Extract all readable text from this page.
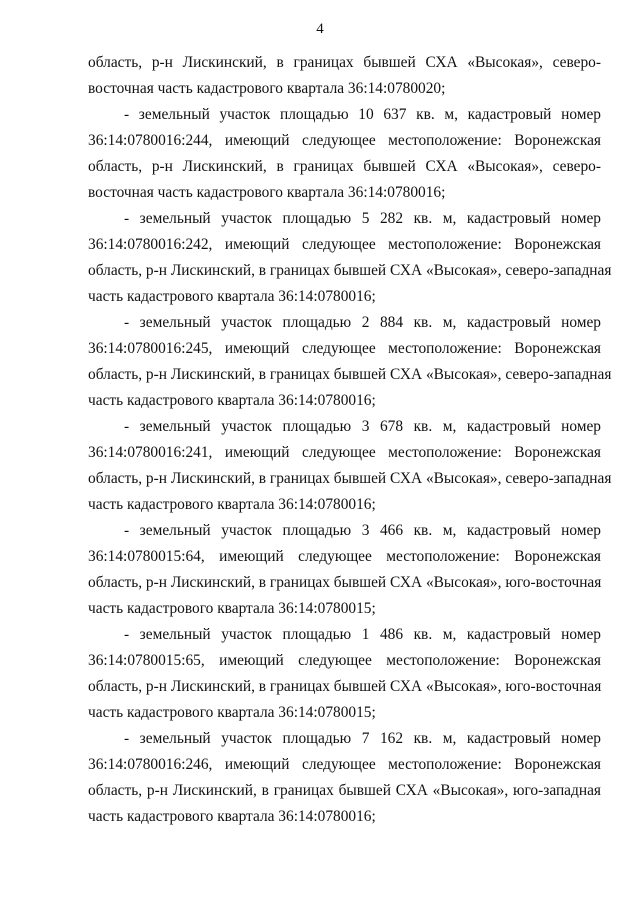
4
область, р-н Лискинский, в границах бывшей СХА «Высокая», северо-
восточная часть кадастрового квартала 36:14:0780020;
- земельный участок площадью 10 637 кв. м, кадастровый номер
36:14:0780016:244, имеющий следующее местоположение: Воронежская
область, р-н Лискинский, в границах бывшей СХА «Высокая», северо-
восточная часть кадастрового квартала 36:14:0780016;
- земельный участок площадью 5 282 кв. м, кадастровый номер
36:14:0780016:242, имеющий следующее местоположение: Воронежская
область, р-н Лискинский, в границах бывшей СХА «Высокая», северо-западная
часть кадастрового квартала 36:14:0780016;
- земельный участок площадью 2 884 кв. м, кадастровый номер
36:14:0780016:245, имеющий следующее местоположение: Воронежская
область, р-н Лискинский, в границах бывшей СХА «Высокая», северо-западная
часть кадастрового квартала 36:14:0780016;
- земельный участок площадью 3 678 кв. м, кадастровый номер
36:14:0780016:241, имеющий следующее местоположение: Воронежская
область, р-н Лискинский, в границах бывшей СХА «Высокая», северо-западная
часть кадастрового квартала 36:14:0780016;
- земельный участок площадью 3 466 кв. м, кадастровый номер
36:14:0780015:64, имеющий следующее местоположение: Воронежская
область, р-н Лискинский, в границах бывшей СХА «Высокая», юго-восточная
часть кадастрового квартала 36:14:0780015;
- земельный участок площадью 1 486 кв. м, кадастровый номер
36:14:0780015:65, имеющий следующее местоположение: Воронежская
область, р-н Лискинский, в границах бывшей СХА «Высокая», юго-восточная
часть кадастрового квартала 36:14:0780015;
- земельный участок площадью 7 162 кв. м, кадастровый номер
36:14:0780016:246, имеющий следующее местоположение: Воронежская
область, р-н Лискинский, в границах бывшей СХА «Высокая», юго-западная
часть кадастрового квартала 36:14:0780016;
